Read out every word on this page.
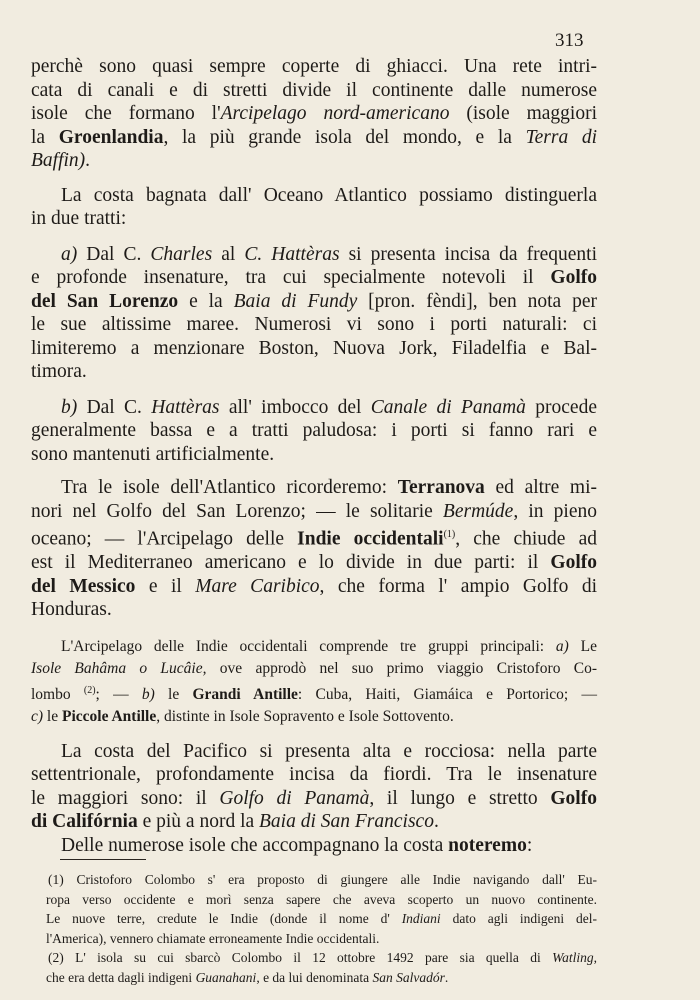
313

perchè sono quasi sempre coperte di ghiacci. Una rete intri-

cata di canali e di stretti divide il continente dalle numerose

isole che formano l'Arcipelago nord-americano (isole maggiori

la Groenlandia, la più grande isola del mondo, e la Terra di

Baffin).

La costa bagnata dall' Oceano Atlantico possiamo distinguerla

in due tratti:

a) Dal C. Charles al C. Hattèras si presenta incisa da frequenti

e profonde insenature, tra cui specialmente notevoli il Golfo

del San Lorenzo e la Baia di Fundy [pron. fèndi], ben nota per

le sue altissime maree. Numerosi vi sono i porti naturali: ci

limiteremo a menzionare Boston, Nuova Jork, Filadelfia e Bal-

timora.

b) Dal C. Hattèras all' imbocco del Canale di Panamà procede

generalmente bassa e a tratti paludosa: i porti si fanno rari e

sono mantenuti artificialmente.

Tra le isole dell'Atlantico ricorderemo: Terranova ed altre mi-

nori nel Golfo del San Lorenzo; — le solitarie Bermúde, in pieno

oceano; — l'Arcipelago delle Indie occidentali$^{(1)}$, che chiude ad

est il Mediterraneo americano e lo divide in due parti: il Golfo

del Messico e il Mare Caribico, che forma l' ampio Golfo di

Honduras.

L'Arcipelago delle Indie occidentali comprende tre gruppi principali: a) Le

Isole Bahâma o Lucâie, ove approdò nel suo primo viaggio Cristoforo Co-

lombo $^{(2)}$; — b) le Grandi Antille: Cuba, Haiti, Giamáica e Portorico; —

c) le Piccole Antille, distinte in Isole Sopravento e Isole Sottovento.

La costa del Pacifico si presenta alta e rocciosa: nella parte

settentrionale, profondamente incisa da fiordi. Tra le insenature

le maggiori sono: il Golfo di Panamà, il lungo e stretto Golfo

di Califórnia e più a nord la Baia di San Francisco.

Delle numerose isole che accompagnano la costa noteremo:

(1) Cristoforo Colombo s' era proposto di giungere alle Indie navigando dall' Eu-

ropa verso occidente e morì senza sapere che aveva scoperto un nuovo continente.

Le nuove terre, credute le Indie (donde il nome d' Indiani dato agli indigeni del-

l'America), vennero chiamate erroneamente Indie occidentali.

(2) L' isola su cui sbarcò Colombo il 12 ottobre 1492 pare sia quella di Watling,

che era detta dagli indigeni Guanahani, e da lui denominata San Salvadór.
